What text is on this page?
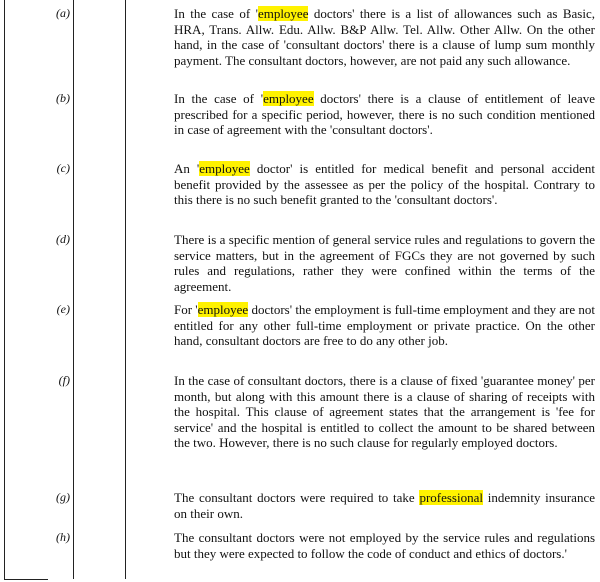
(a)	In the case of 'employee doctors' there is a list of allowances such as Basic, HRA, Trans. Allw. Edu. Allw. B&P Allw. Tel. Allw. Other Allw. On the other hand, in the case of 'consultant doctors' there is a clause of lump sum monthly payment. The consultant doctors, however, are not paid any such allowance.
(b)	In the case of 'employee doctors' there is a clause of entitlement of leave prescribed for a specific period, however, there is no such condition mentioned in case of agreement with the 'consultant doctors'.
(c)	An 'employee doctor' is entitled for medical benefit and personal accident benefit provided by the assessee as per the policy of the hospital. Contrary to this there is no such benefit granted to the 'consultant doctors'.
(d)	There is a specific mention of general service rules and regulations to govern the service matters, but in the agreement of FGCs they are not governed by such rules and regulations, rather they were confined within the terms of the agreement.
(e)	For 'employee doctors' the employment is full-time employment and they are not entitled for any other full-time employment or private practice. On the other hand, consultant doctors are free to do any other job.
(f)	In the case of consultant doctors, there is a clause of fixed 'guarantee money' per month, but along with this amount there is a clause of sharing of receipts with the hospital. This clause of agreement states that the arrangement is 'fee for service' and the hospital is entitled to collect the amount to be shared between the two. However, there is no such clause for regularly employed doctors.
(g)	The consultant doctors were required to take professional indemnity insurance on their own.
(h)	The consultant doctors were not employed by the service rules and regulations but they were expected to follow the code of conduct and ethics of doctors.'
